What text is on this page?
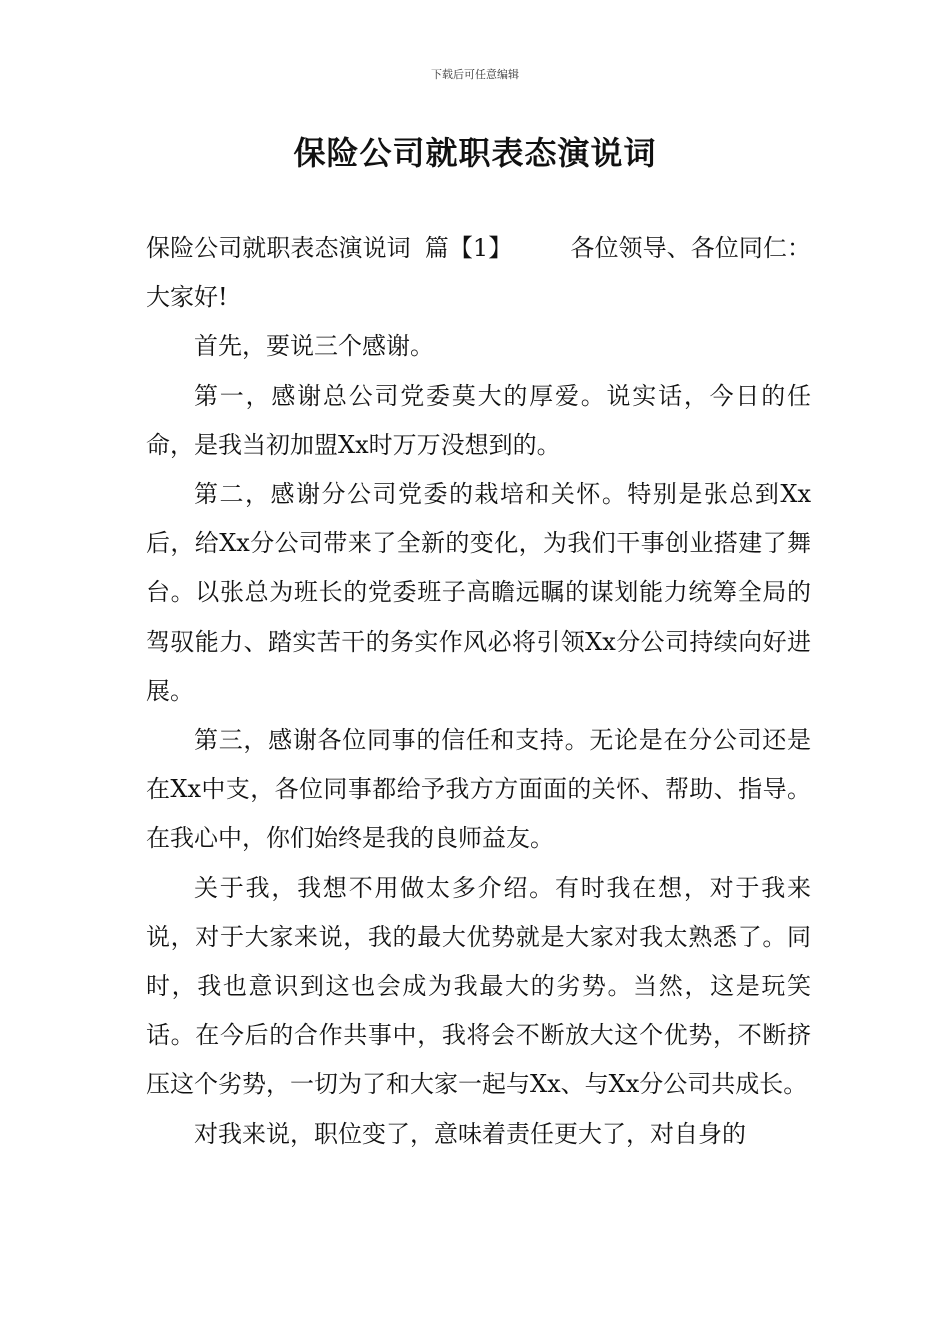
下载后可任意编辑
保险公司就职表态演说词

保险公司就职表态演说词 篇【1】 各位领导、各位同仁：大家好!

首先，要说三个感谢。

第一，感谢总公司党委莫大的厚爱。说实话，今日的任命，是我当初加盟Xx时万万没想到的。

第二，感谢分公司党委的栽培和关怀。特别是张总到Xx后，给Xx分公司带来了全新的变化，为我们干事创业搭建了舞台。以张总为班长的党委班子高瞻远瞩的谋划能力统筹全局的驾驭能力、踏实苦干的务实作风必将引领Xx分公司持续向好进展。

第三，感谢各位同事的信任和支持。无论是在分公司还是在Xx中支，各位同事都给予我方方面面的关怀、帮助、指导。在我心中，你们始终是我的良师益友。

关于我，我想不用做太多介绍。有时我在想，对于我来说，对于大家来说，我的最大优势就是大家对我太熟悉了。同时，我也意识到这也会成为我最大的劣势。当然，这是玩笑话。在今后的合作共事中，我将会不断放大这个优势，不断挤压这个劣势，一切为了和大家一起与Xx、与Xx分公司共成长。

对我来说，职位变了，意味着责任更大了，对自身的
